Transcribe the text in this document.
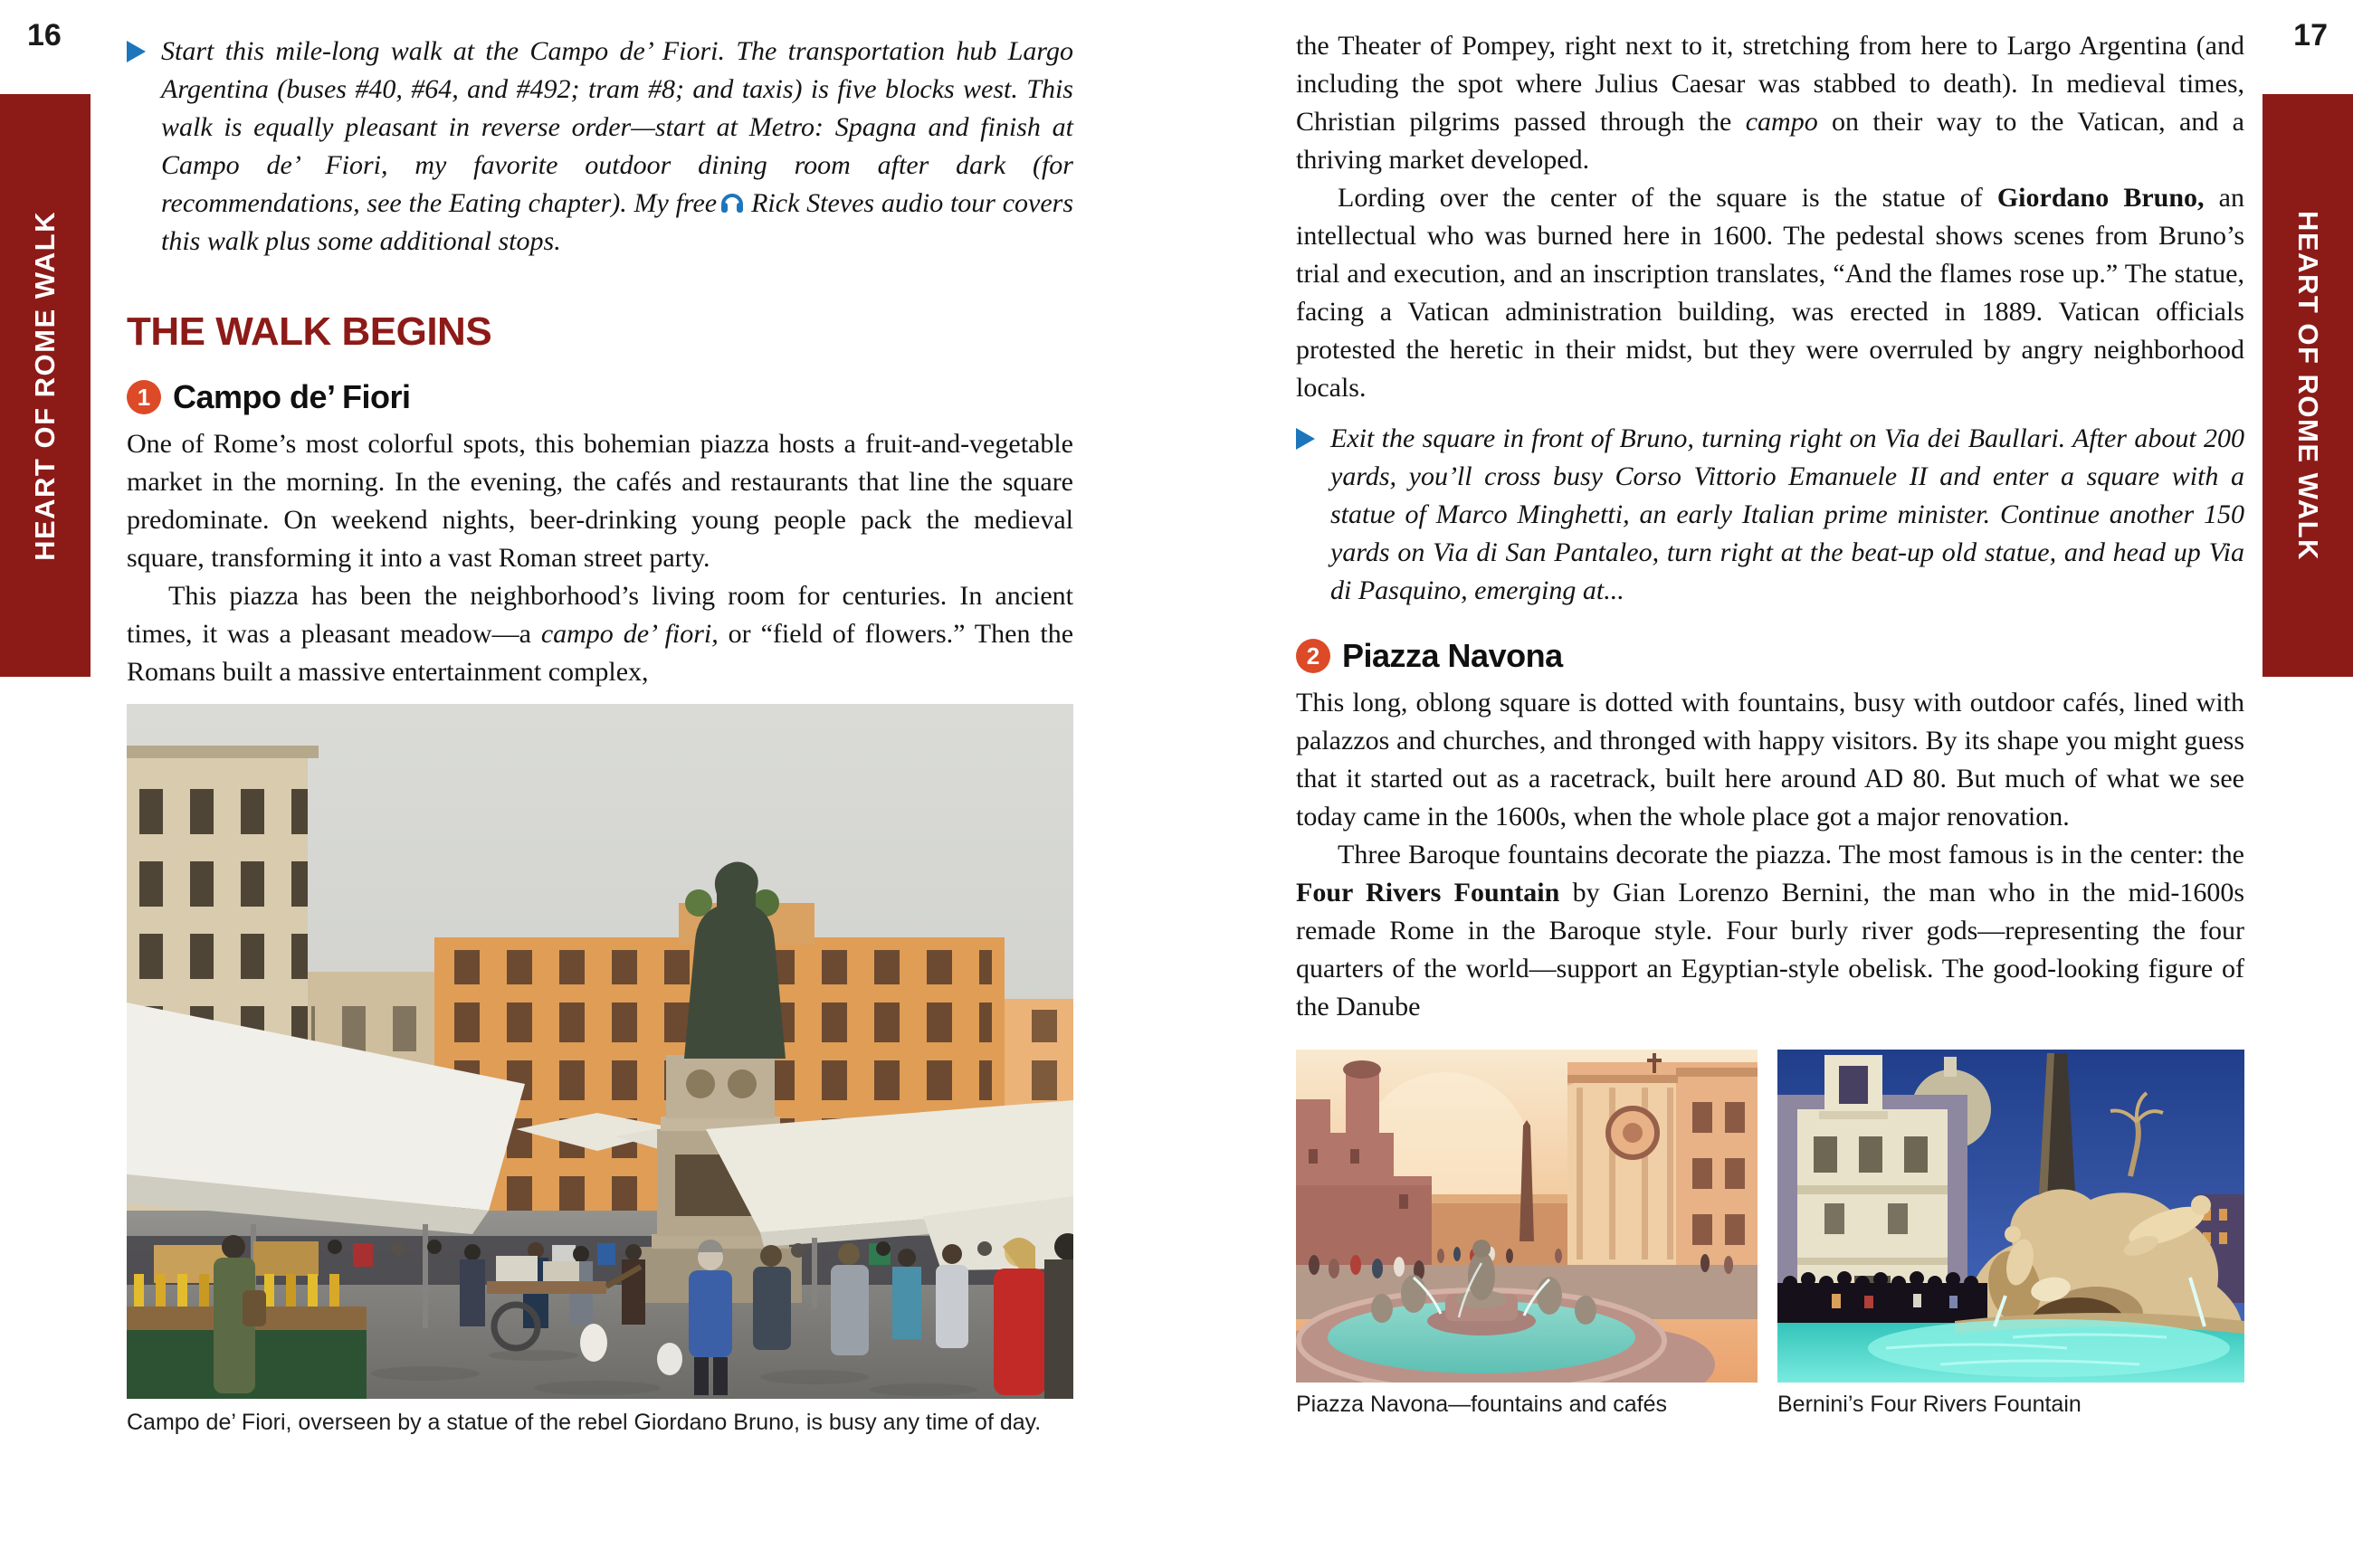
16	17
HEART OF ROME WALK	HEART OF ROME WALK

Start this mile-long walk at the Campo de’ Fiori. The transportation hub Largo Argentina (buses #40, #64, and #492; tram #8; and taxis) is five blocks west. This walk is equally pleasant in reverse order—start at Metro: Spagna and finish at Campo de’ Fiori, my favorite outdoor dining room after dark (for recommendations, see the Eating chapter). My free Rick Steves audio tour covers this walk plus some additional stops.

THE WALK BEGINS
1 Campo de’ Fiori

One of Rome’s most colorful spots, this bohemian piazza hosts a fruit-and-vegetable market in the morning. In the evening, the cafés and restaurants that line the square predominate. On weekend nights, beer-drinking young people pack the medieval square, transforming it into a vast Roman street party.

This piazza has been the neighborhood’s living room for centuries. In ancient times, it was a pleasant meadow—a campo de’ fiori, or “field of flowers.” Then the Romans built a massive entertainment complex,

Campo de’ Fiori, overseen by a statue of the rebel Giordano Bruno, is busy any time of day.

the Theater of Pompey, right next to it, stretching from here to Largo Argentina (and including the spot where Julius Caesar was stabbed to death). In medieval times, Christian pilgrims passed through the campo on their way to the Vatican, and a thriving market developed.

Lording over the center of the square is the statue of Giordano Bruno, an intellectual who was burned here in 1600. The pedestal shows scenes from Bruno’s trial and execution, and an inscription translates, “And the flames rose up.” The statue, facing a Vatican administration building, was erected in 1889. Vatican officials protested the heretic in their midst, but they were overruled by angry neighborhood locals.

Exit the square in front of Bruno, turning right on Via dei Baullari. After about 200 yards, you’ll cross busy Corso Vittorio Emanuele II and enter a square with a statue of Marco Minghetti, an early Italian prime minister. Continue another 150 yards on Via di San Pantaleo, turn right at the beat-up old statue, and head up Via di Pasquino, emerging at...

2 Piazza Navona

This long, oblong square is dotted with fountains, busy with outdoor cafés, lined with palazzos and churches, and thronged with happy visitors. By its shape you might guess that it started out as a racetrack, built here around AD 80. But much of what we see today came in the 1600s, when the whole place got a major renovation.

Three Baroque fountains decorate the piazza. The most famous is in the center: the Four Rivers Fountain by Gian Lorenzo Bernini, the man who in the mid-1600s remade Rome in the Baroque style. Four burly river gods—representing the four quarters of the world—support an Egyptian-style obelisk. The good-looking figure of the Danube

Piazza Navona—fountains and cafés	Bernini’s Four Rivers Fountain
